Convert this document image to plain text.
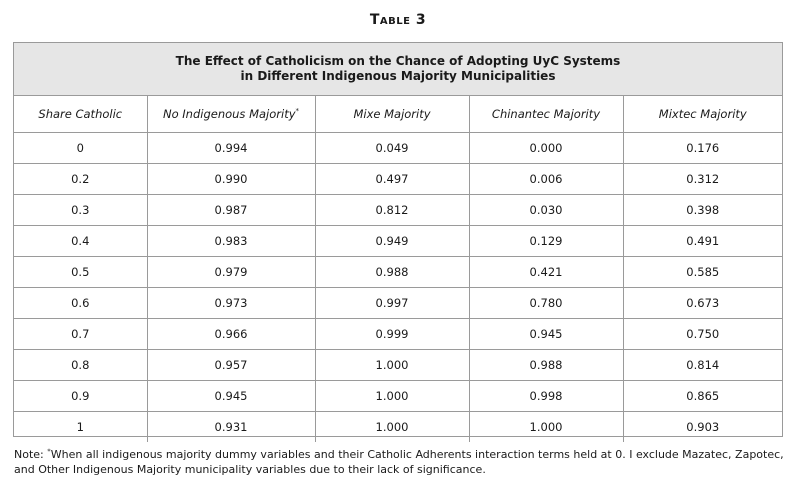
Table 3
The Effect of Catholicism on the Chance of Adopting UyC Systems
in Different Indigenous Majority Municipalities
Share Catholic	No Indigenous Majority*	Mixe Majority	Chinantec Majority	Mixtec Majority
0	0.994	0.049	0.000	0.176
0.2	0.990	0.497	0.006	0.312
0.3	0.987	0.812	0.030	0.398
0.4	0.983	0.949	0.129	0.491
0.5	0.979	0.988	0.421	0.585
0.6	0.973	0.997	0.780	0.673
0.7	0.966	0.999	0.945	0.750
0.8	0.957	1.000	0.988	0.814
0.9	0.945	1.000	0.998	0.865
1	0.931	1.000	1.000	0.903
Note: *When all indigenous majority dummy variables and their Catholic Adherents interaction terms held at 0. I exclude Mazatec, Zapotec, and Other Indigenous Majority municipality variables due to their lack of significance.
